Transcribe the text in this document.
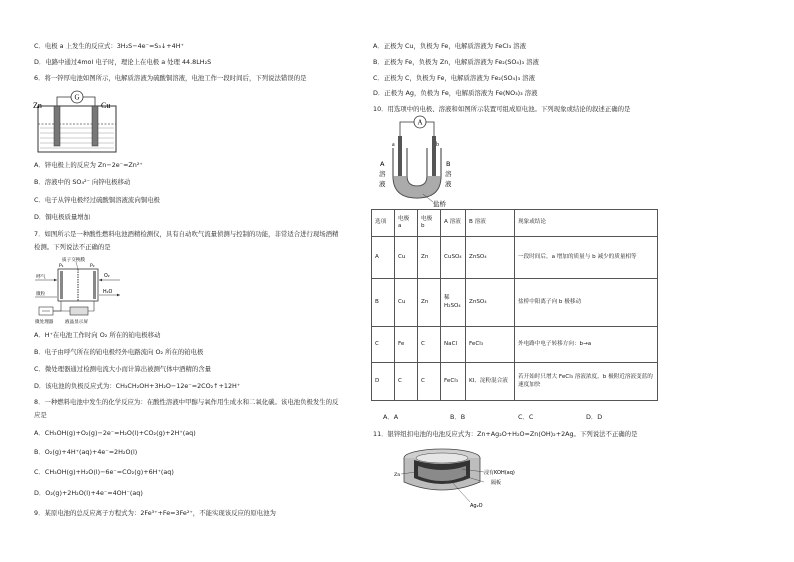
C．电极 a 上发生的反应式：3H₂S−4e⁻=S₃↓+4H⁺
D．电路中通过4mol 电子时，理论上在电极 a 处理 44.8LH₂S
6．将一锌厚电池如图所示，电解质溶液为硫酸铜溶液，电池工作一段时间后，下列说法错误的是
G
Zn	Cu
A．锌电极上的反应为 Zn−2e⁻=Zn²⁺
B．溶液中的 SO₄²⁻ 向锌电极移动
C．电子从锌电极经过硫酸铜溶液流向铜电极
D．铜电极质量增加
7．如图所示是一种酸性燃料电池酒精检测仪，具有自动吹气流量侦测与控制的功能，非常适合进行现场酒精
检测。下列说法不正确的是
质子交换膜
P₁	P₂
呼气	O₂
H₂O
微粒
微处理器	液晶显示屏
A．H⁺在电池工作时向 O₂ 所在的铂电极移动
B．电子由呼气所在的铂电极经外电路流向 O₂ 所在的铂电极
C．微处理器通过检测电流大小而计算出被测气体中酒精的含量
D．该电池的负极反应式为：CH₃CH₂OH+3H₂O−12e⁻=2CO₂↑+12H⁺
8．一种燃料电池中发生的化学反应为：在酸性溶液中甲醇与氧作用生成水和二氧化碳。该电池负极发生的反
应是
A．CH₃OH(g)+O₂(g)−2e⁻=H₂O(l)+CO₂(g)+2H⁺(aq)
B．O₂(g)+4H⁺(aq)+4e⁻=2H₂O(l)
C．CH₃OH(g)+H₂O(l)−6e⁻=CO₂(g)+6H⁺(aq)
D．O₂(g)+2H₂O(l)+4e⁻=4OH⁻(aq)
9．某原电池的总反应离子方程式为：2Fe³⁺+Fe=3Fe²⁺，不能实现该反应的原电池为
A．正极为 Cu，负极为 Fe，电解质溶液为 FeCl₃ 溶液
B．正极为 Fe，负极为 Zn，电解质溶液为 Fe₂(SO₄)₃ 溶液
C．正极为 C，负极为 Fe，电解质溶液为 Fe₂(SO₄)₃ 溶液
D．正极为 Ag，负极为 Fe，电解质溶液为 Fe(NO₃)₃ 溶液
10．用选项中的电极、溶液和如图所示装置可组成原电池。下列现象或结论的叙述正确的是
A
a	b
A
溶
液
B
溶
液
盐桥
选项	电极 a	电极 b	A 溶液	B 溶液	现象或结论
A	Cu	Zn	CuSO₄	ZnSO₄	一段时间后，a 增加的质量与 b 减少的质量相等
B	Cu	Zn	稀 H₂SO₄	ZnSO₄	盐桥中阳离子向 b 极移动
C	Fe	C	NaCl	FeCl₃	外电路中电子转移方向：b→a
D	C	C	FeCl₃	KI、淀粉混合液	若开始时只增大 FeCl₃ 溶液浓度，b 极附近溶液变蓝的速度加快
A．A	B．B	C．C	D．D
11．银锌纽扣电池的电池反应式为：Zn+Ag₂O+H₂O=Zn(OH)₂+2Ag。下列说法不正确的是
Zn	浸有KOH(aq)
隔板
Ag₂O
